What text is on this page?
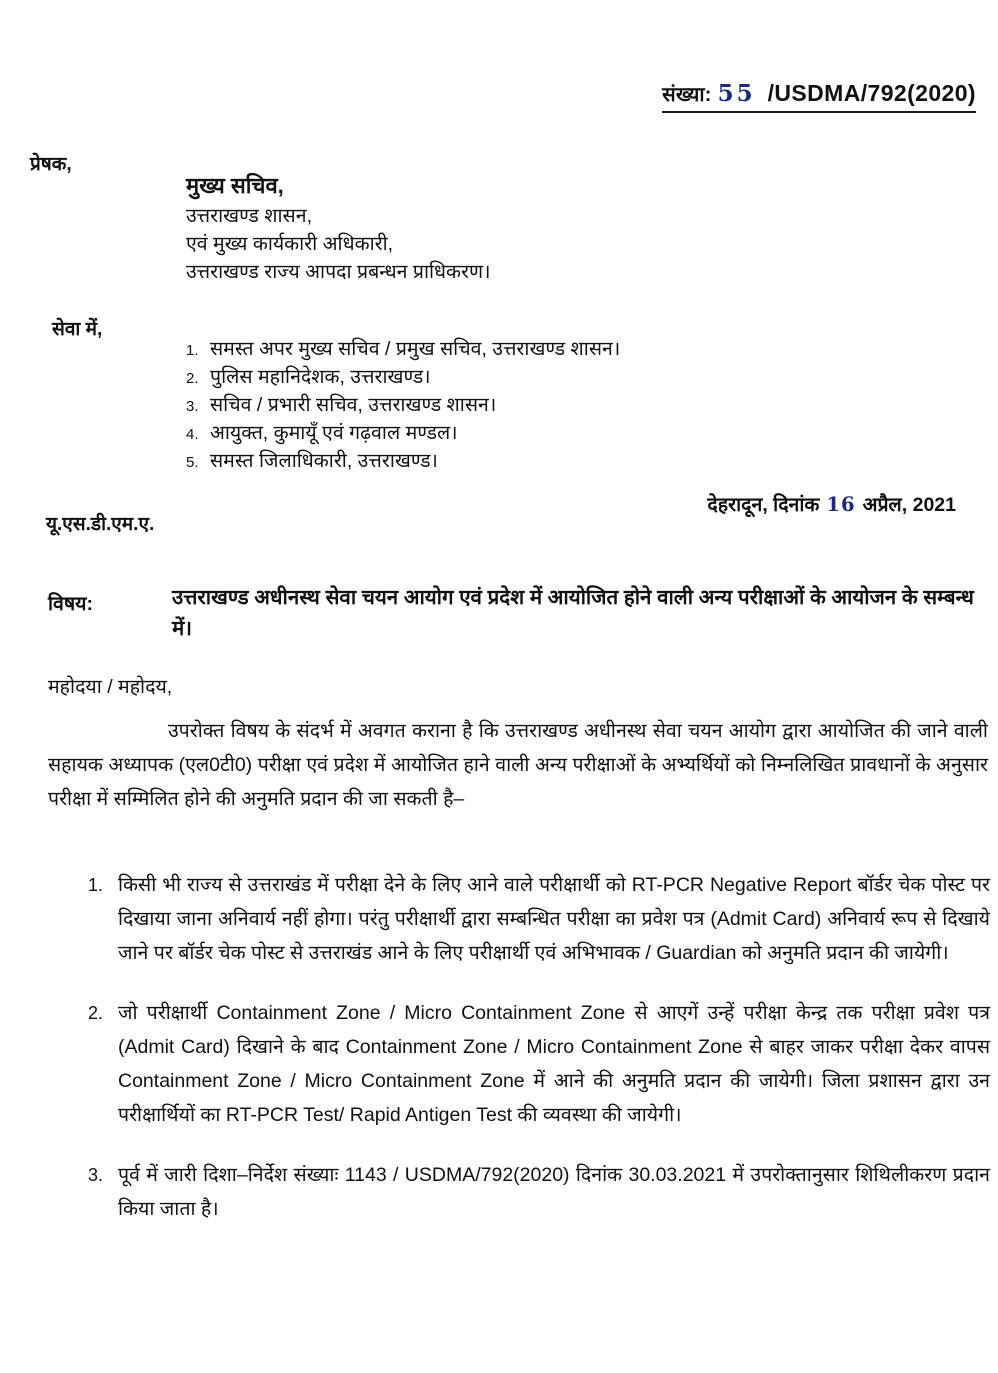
संख्या: 55 /USDMA/792(2020)
प्रेषक,
मुख्य सचिव,
उत्तराखण्ड शासन,
एवं मुख्य कार्यकारी अधिकारी,
उत्तराखण्ड राज्य आपदा प्रबन्धन प्राधिकरण।
सेवा में,
1. समस्त अपर मुख्य सचिव / प्रमुख सचिव, उत्तराखण्ड शासन।
2. पुलिस महानिदेशक, उत्तराखण्ड।
3. सचिव / प्रभारी सचिव, उत्तराखण्ड शासन।
4. आयुक्त, कुमायूँ एवं गढ़वाल मण्डल।
5. समस्त जिलाधिकारी, उत्तराखण्ड।
देहरादून, दिनांक 16 अप्रैल, 2021
यू.एस.डी.एम.ए.
विषय:	उत्तराखण्ड अधीनस्थ सेवा चयन आयोग एवं प्रदेश में आयोजित होने वाली अन्य परीक्षाओं के आयोजन के सम्बन्ध में।
महोदया / महोदय,
उपरोक्त विषय के संदर्भ में अवगत कराना है कि उत्तराखण्ड अधीनस्थ सेवा चयन आयोग द्वारा आयोजित की जाने वाली सहायक अध्यापक (एल0टी0) परीक्षा एवं प्रदेश में आयोजित हाने वाली अन्य परीक्षाओं के अभ्यर्थियों को निम्नलिखित प्रावधानों के अनुसार परीक्षा में सम्मिलित होने की अनुमति प्रदान की जा सकती है–
1. किसी भी राज्य से उत्तराखंड में परीक्षा देने के लिए आने वाले परीक्षार्थी को RT-PCR Negative Report बॉर्डर चेक पोस्ट पर दिखाया जाना अनिवार्य नहीं होगा। परंतु परीक्षार्थी द्वारा सम्बन्धित परीक्षा का प्रवेश पत्र (Admit Card) अनिवार्य रूप से दिखाये जाने पर बॉर्डर चेक पोस्ट से उत्तराखंड आने के लिए परीक्षार्थी एवं अभिभावक / Guardian को अनुमति प्रदान की जायेगी।
2. जो परीक्षार्थी Containment Zone / Micro Containment Zone से आएगें उन्हें परीक्षा केन्द्र तक परीक्षा प्रवेश पत्र (Admit Card) दिखाने के बाद Containment Zone / Micro Containment Zone से बाहर जाकर परीक्षा देकर वापस Containment Zone / Micro Containment Zone में आने की अनुमति प्रदान की जायेगी। जिला प्रशासन द्वारा उन परीक्षार्थियों का RT-PCR Test/ Rapid Antigen Test की व्यवस्था की जायेगी।
3. पूर्व में जारी दिशा–निर्देश संख्याः 1143 / USDMA/792(2020) दिनांक 30.03.2021 में उपरोक्तानुसार शिथिलीकरण प्रदान किया जाता है।
